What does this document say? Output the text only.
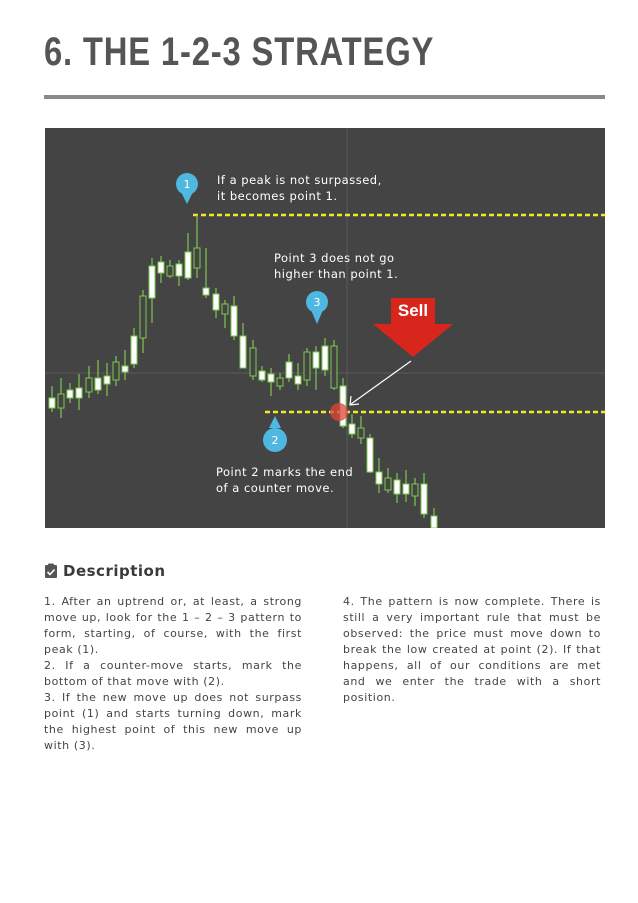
6. THE 1-2-3 STRATEGY
Sell
1
3
2
If a peak is not surpassed,
it becomes point 1.
Point 3 does not go
higher than point 1.
Point 2 marks the end
of a counter move.
Description

1. After an uptrend or, at least, a strong move up, look for the 1 – 2 – 3 pattern to form, starting, of course, with the first peak (1).

2. If a counter-move starts, mark the bottom of that move with (2).

3. If the new move up does not surpass point (1) and starts turning down, mark the highest point of this new move up with (3).

4. The pattern is now complete. There is still a very important rule that must be observed: the price must move down to break the low created at point (2). If that happens, all of our conditions are met and we enter the trade with a short position.
